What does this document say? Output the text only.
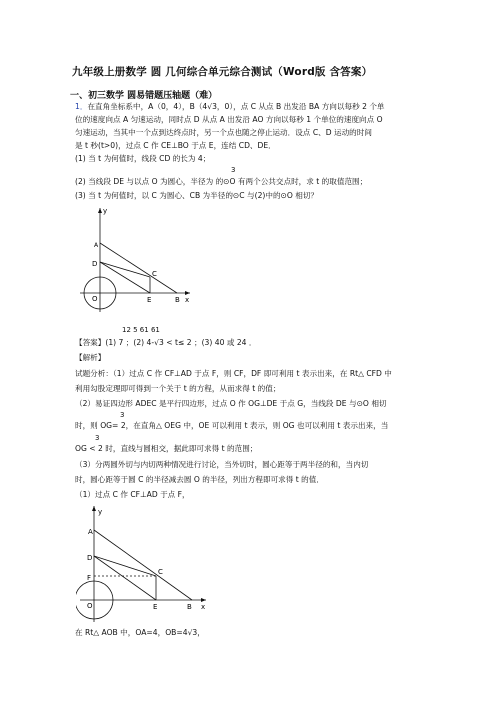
九年级上册数学 圆 几何综合单元综合测试（Word版 含答案）
一、初三数学 圆易错题压轴题（难）
1．在直角坐标系中，A（0，4），B（4√3，0），点 C 从点 B 出发沿 BA 方向以每秒 2 个单
位的速度向点 A 匀速运动，同时点 D 从点 A 出发沿 AO 方向以每秒 1 个单位的速度向点 O
匀速运动，当其中一个点到达终点时，另一个点也随之停止运动．设点 C、D 运动的时间
是 t 秒(t>0)，过点 C 作 CE⊥BO 于点 E，连结 CD、DE．
(1) 当 t 为何值时，线段 CD 的长为 4；
3
(2) 当线段 DE 与以点 O 为圆心，半径为 的⊙O 有两个公共交点时，求 t 的取值范围；
(3) 当 t 为何值时，以 C 为圆心、CB 为半径的⊙C 与(2)中的⊙O 相切？
y
x
A
D
C
O	E	B
12 5 61 61
【答案】(1) 7 ；(2) 4-√3 < t≤ 2 ；(3) 40 或 24 ．
【解析】
试题分析：（1）过点 C 作 CF⊥AD 于点 F，则 CF，DF 即可利用 t 表示出来，在 Rt△ CFD 中
利用勾股定理即可得到一个关于 t 的方程，从而求得 t 的值；
（2）易证四边形 ADEC 是平行四边形，过点 O 作 OG⊥DE 于点 G，当线段 DE 与⊙O 相切
3
时，则 OG= 2，在直角△ OEG 中，OE 可以利用 t 表示，则 OG 也可以利用 t 表示出来，当
3
OG < 2 时，直线与圆相交，据此即可求得 t 的范围；
（3）分两圆外切与内切两种情况进行讨论，当外切时，圆心距等于两半径的和，当内切
时，圆心距等于圆 C 的半径减去圆 O 的半径，列出方程即可求得 t 的值．
（1）过点 C 作 CF⊥AD 于点 F，
y
x
A
D
C
F
O	E	B
在 Rt△ AOB 中，OA=4，OB=4√3，
